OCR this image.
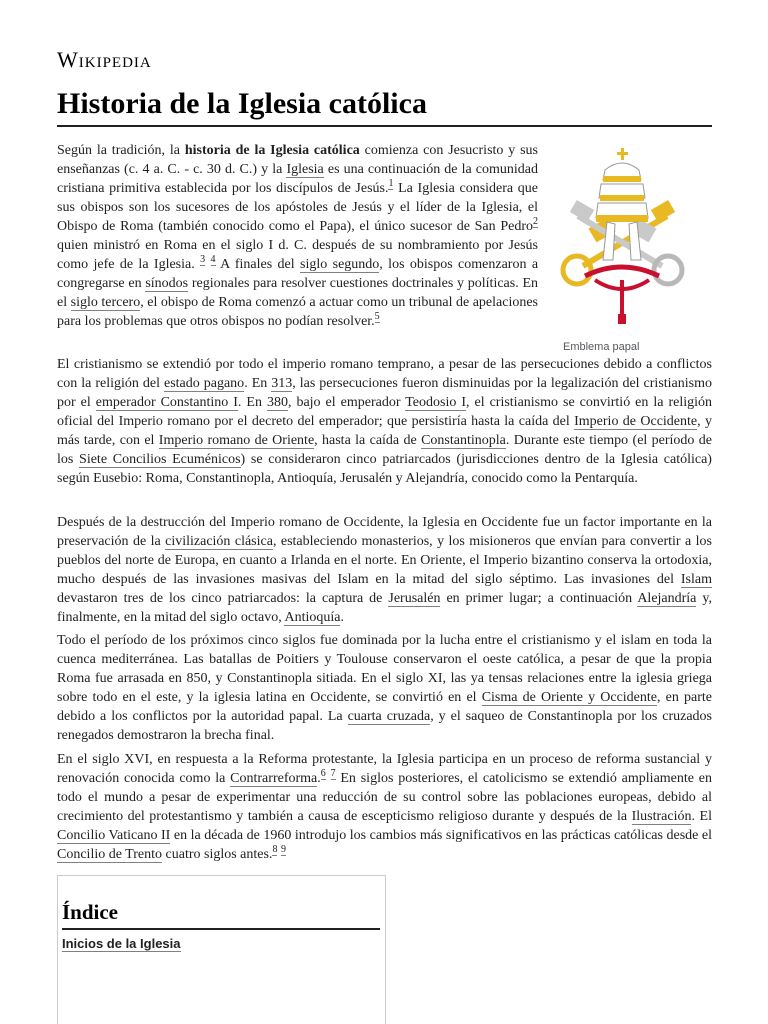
Wikipedia
Historia de la Iglesia católica
Emblema papal

Según la tradición, la historia de la Iglesia católica comienza con Jesucristo y sus enseñanzas (c. 4 a. C. - c. 30 d. C.) y la Iglesia es una continuación de la comunidad cristiana primitiva establecida por los discípulos de Jesús.$^1$ La Iglesia considera que sus obispos son los sucesores de los apóstoles de Jesús y el líder de la Iglesia, el Obispo de Roma (también conocido como el Papa), el único sucesor de San Pedro$^2$ quien ministró en Roma en el siglo I d. C. después de su nombramiento por Jesús como jefe de la Iglesia. $^3$ $^4$ A finales del siglo segundo, los obispos comenzaron a congregarse en sínodos regionales para resolver cuestiones doctrinales y políticas. En el siglo tercero, el obispo de Roma comenzó a actuar como un tribunal de apelaciones para los problemas que otros obispos no podían resolver.$^5$

El cristianismo se extendió por todo el imperio romano temprano, a pesar de las persecuciones debido a conflictos con la religión del estado pagano. En 313, las persecuciones fueron disminuidas por la legalización del cristianismo por el emperador Constantino I. En 380, bajo el emperador Teodosio I, el cristianismo se convirtió en la religión oficial del Imperio romano por el decreto del emperador; que persistiría hasta la caída del Imperio de Occidente, y más tarde, con el Imperio romano de Oriente, hasta la caída de Constantinopla. Durante este tiempo (el período de los Siete Concilios Ecuménicos) se consideraron cinco patriarcados (jurisdicciones dentro de la Iglesia católica) según Eusebio: Roma, Constantinopla, Antioquía, Jerusalén y Alejandría, conocido como la Pentarquía.

Después de la destrucción del Imperio romano de Occidente, la Iglesia en Occidente fue un factor importante en la preservación de la civilización clásica, estableciendo monasterios, y los misioneros que envían para convertir a los pueblos del norte de Europa, en cuanto a Irlanda en el norte. En Oriente, el Imperio bizantino conserva la ortodoxia, mucho después de las invasiones masivas del Islam en la mitad del siglo séptimo. Las invasiones del Islam devastaron tres de los cinco patriarcados: la captura de Jerusalén en primer lugar; a continuación Alejandría y, finalmente, en la mitad del siglo octavo, Antioquía.

Todo el período de los próximos cinco siglos fue dominada por la lucha entre el cristianismo y el islam en toda la cuenca mediterránea. Las batallas de Poitiers y Toulouse conservaron el oeste católica, a pesar de que la propia Roma fue arrasada en 850, y Constantinopla sitiada. En el siglo XI, las ya tensas relaciones entre la iglesia griega sobre todo en el este, y la iglesia latina en Occidente, se convirtió en el Cisma de Oriente y Occidente, en parte debido a los conflictos por la autoridad papal. La cuarta cruzada, y el saqueo de Constantinopla por los cruzados renegados demostraron la brecha final.

En el siglo XVI, en respuesta a la Reforma protestante, la Iglesia participa en un proceso de reforma sustancial y renovación conocida como la Contrarreforma.$^6$ $^7$ En siglos posteriores, el catolicismo se extendió ampliamente en todo el mundo a pesar de experimentar una reducción de su control sobre las poblaciones europeas, debido al crecimiento del protestantismo y también a causa de escepticismo religioso durante y después de la Ilustración. El Concilio Vaticano II en la década de 1960 introdujo los cambios más significativos en las prácticas católicas desde el Concilio de Trento cuatro siglos antes.$^8$ $^9$

Índice
Inicios de la Iglesia
